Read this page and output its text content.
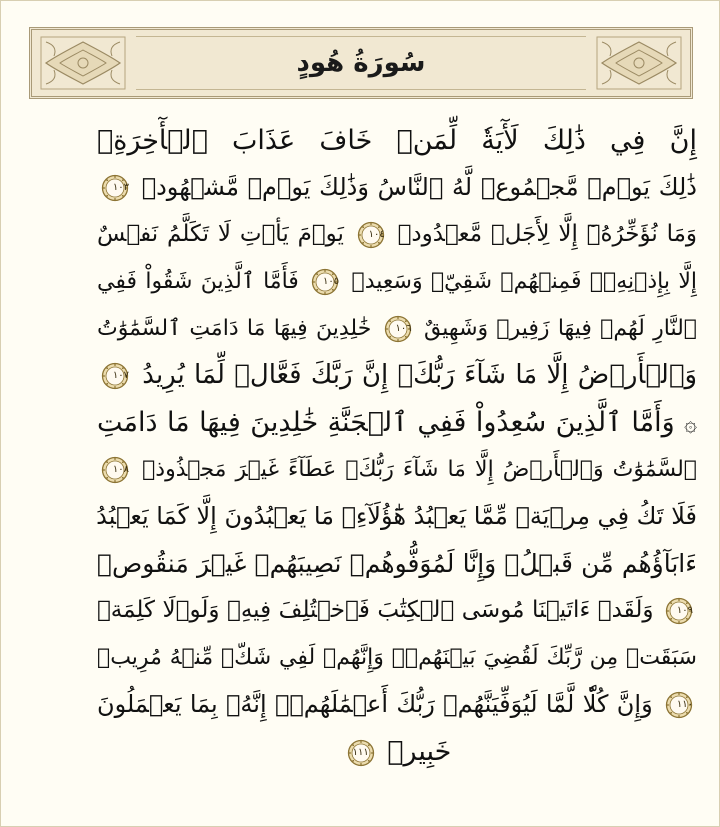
سُورَةُ هُودٍ
إِنَّ فِي ذَٰلِكَ لَأٓيَةٗ لِّمَنۡ خَافَ عَذَابَ ٱلۡأٓخِرَةِۚ
ذَٰلِكَ يَوۡمٞ مَّجۡمُوعٞ لَّهُ ٱلنَّاسُ وَذَٰلِكَ يَوۡمٞ مَّشۡهُودٞ
١٠٣
وَمَا نُؤَخِّرُهُۥٓ إِلَّا لِأَجَلٖ مَّعۡدُودٖ
١٠٤
يَوۡمَ يَأۡتِ لَا تَكَلَّمُ نَفۡسٌ
إِلَّا بِإِذۡنِهِۦۚ فَمِنۡهُمۡ شَقِيّٞ وَسَعِيدٞ
١٠٥
فَأَمَّا ٱلَّذِينَ شَقُواْ فَفِي
ٱلنَّارِ لَهُمۡ فِيهَا زَفِيرٞ وَشَهِيقٌ
١٠٦
خَٰلِدِينَ فِيهَا مَا دَامَتِ ٱلسَّمَٰوَٰتُ
وَٱلۡأَرۡضُ إِلَّا مَا شَآءَ رَبُّكَۚ إِنَّ رَبَّكَ فَعَّالٞ لِّمَا يُرِيدُ
١٠٧
۞ وَأَمَّا ٱلَّذِينَ سُعِدُواْ فَفِي ٱلۡجَنَّةِ خَٰلِدِينَ فِيهَا مَا دَامَتِ
ٱلسَّمَٰوَٰتُ وَٱلۡأَرۡضُ إِلَّا مَا شَآءَ رَبُّكَۖ عَطَآءً غَيۡرَ مَجۡذُوذٖ
١٠٨
فَلَا تَكُ فِي مِرۡيَةٖ مِّمَّا يَعۡبُدُ هَٰٓؤُلَآءِۚ مَا يَعۡبُدُونَ إِلَّا كَمَا يَعۡبُدُ
ءَابَآؤُهُم مِّن قَبۡلُۚ وَإِنَّا لَمُوَفُّوهُمۡ نَصِيبَهُمۡ غَيۡرَ مَنقُوصٖ
١٠٩
وَلَقَدۡ ءَاتَيۡنَا مُوسَى ٱلۡكِتَٰبَ فَٱخۡتُلِفَ فِيهِۚ وَلَوۡلَا كَلِمَةٞ
سَبَقَتۡ مِن رَّبِّكَ لَقُضِيَ بَيۡنَهُمۡۚ وَإِنَّهُمۡ لَفِي شَكّٖ مِّنۡهُ مُرِيبٖ
١١٠
وَإِنَّ كُلّٗا لَّمَّا لَيُوَفِّيَنَّهُمۡ رَبُّكَ أَعۡمَٰلَهُمۡۚ إِنَّهُۥ بِمَا يَعۡمَلُونَ
خَبِيرٞ
١١١
